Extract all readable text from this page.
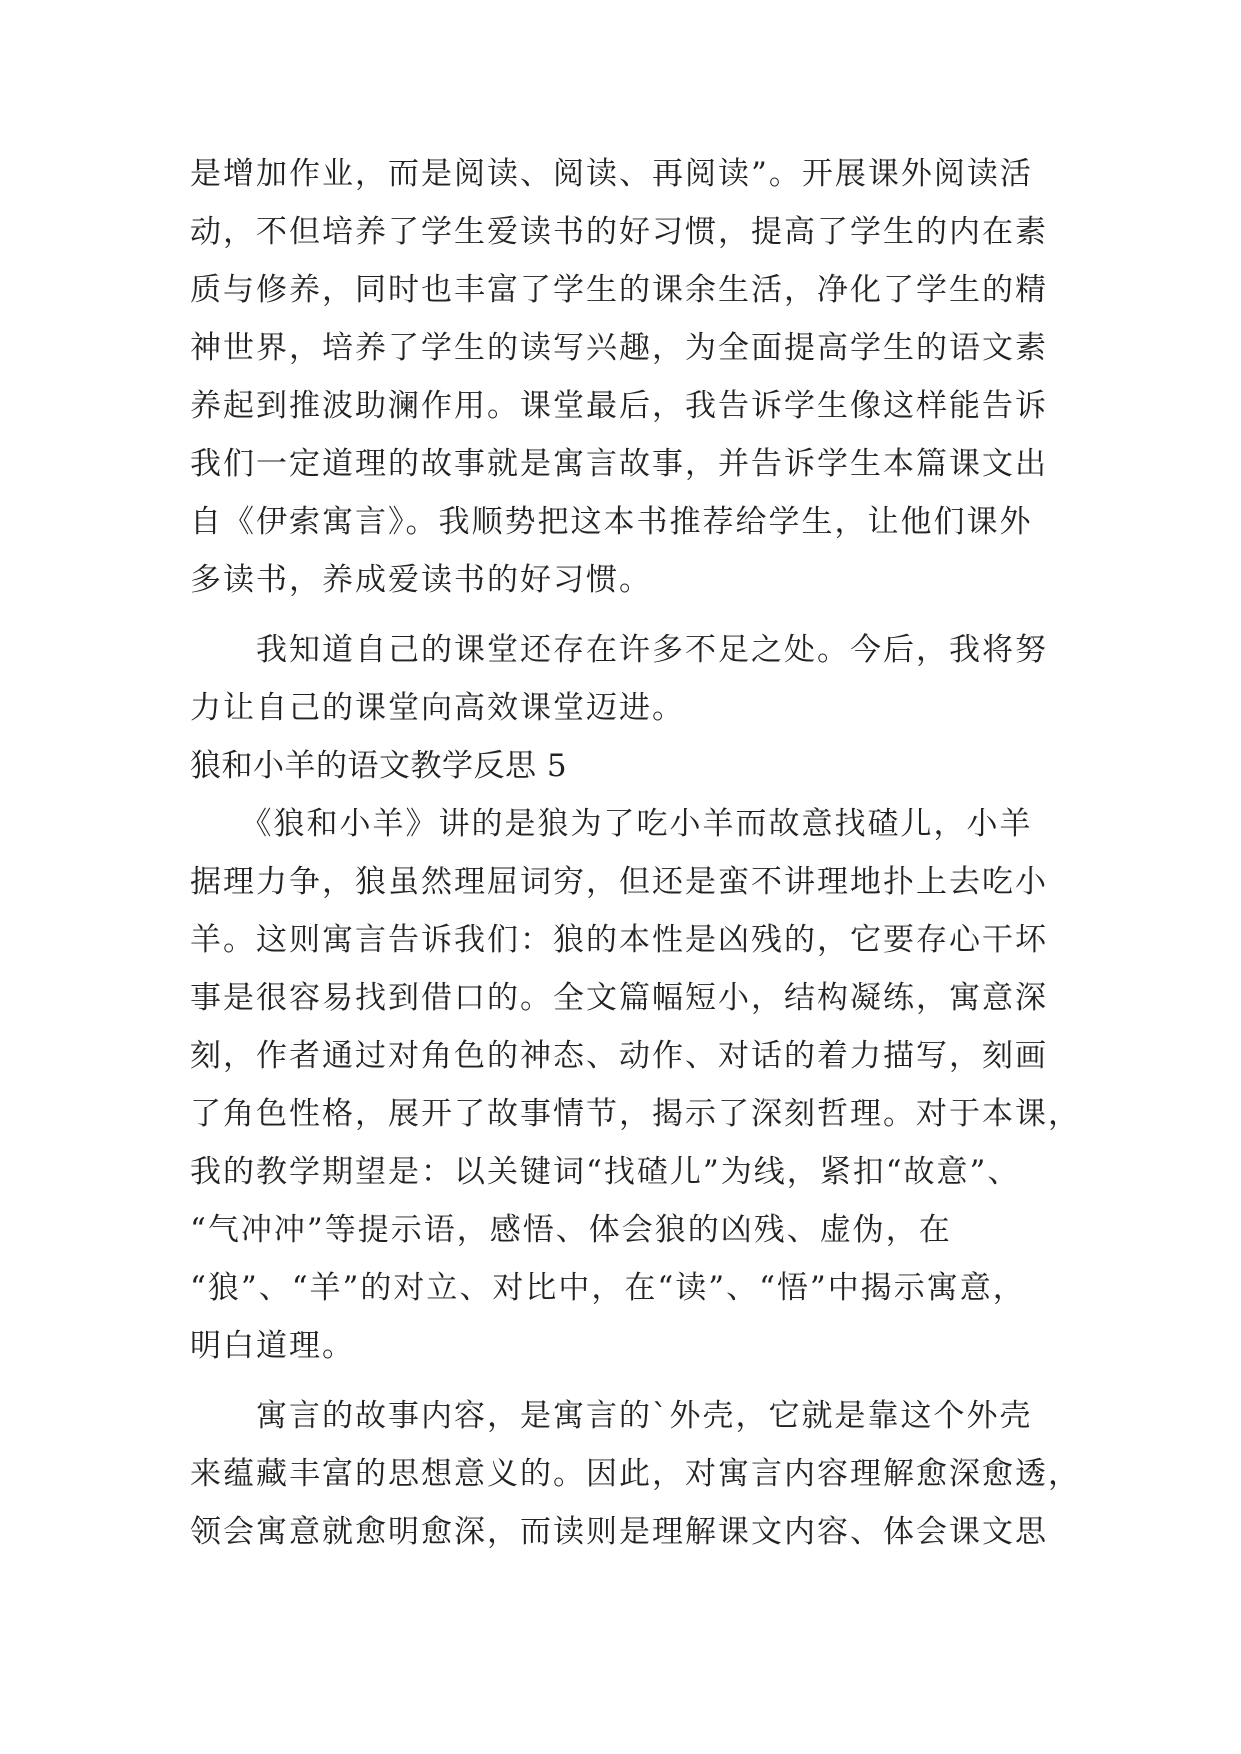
是增加作业，而是阅读、阅读、再阅读”。开展课外阅读活
动，不但培养了学生爱读书的好习惯，提高了学生的内在素
质与修养，同时也丰富了学生的课余生活，净化了学生的精
神世界，培养了学生的读写兴趣，为全面提高学生的语文素
养起到推波助澜作用。课堂最后，我告诉学生像这样能告诉
我们一定道理的故事就是寓言故事，并告诉学生本篇课文出
自《伊索寓言》。我顺势把这本书推荐给学生，让他们课外
多读书，养成爱读书的好习惯。
　　我知道自己的课堂还存在许多不足之处。今后，我将努
力让自己的课堂向高效课堂迈进。
狼和小羊的语文教学反思 5
　　《狼和小羊》讲的是狼为了吃小羊而故意找碴儿，小羊
据理力争，狼虽然理屈词穷，但还是蛮不讲理地扑上去吃小
羊。这则寓言告诉我们：狼的本性是凶残的，它要存心干坏
事是很容易找到借口的。全文篇幅短小，结构凝练，寓意深
刻，作者通过对角色的神态、动作、对话的着力描写，刻画
了角色性格，展开了故事情节，揭示了深刻哲理。对于本课，
我的教学期望是：以关键词“找碴儿”为线，紧扣“故意”、
“气冲冲”等提示语，感悟、体会狼的凶残、虚伪，在
“狼”、“羊”的对立、对比中，在“读”、“悟”中揭示寓意，
明白道理。
　　寓言的故事内容，是寓言的`外壳，它就是靠这个外壳
来蕴藏丰富的思想意义的。因此，对寓言内容理解愈深愈透，
领会寓意就愈明愈深，而读则是理解课文内容、体会课文思
